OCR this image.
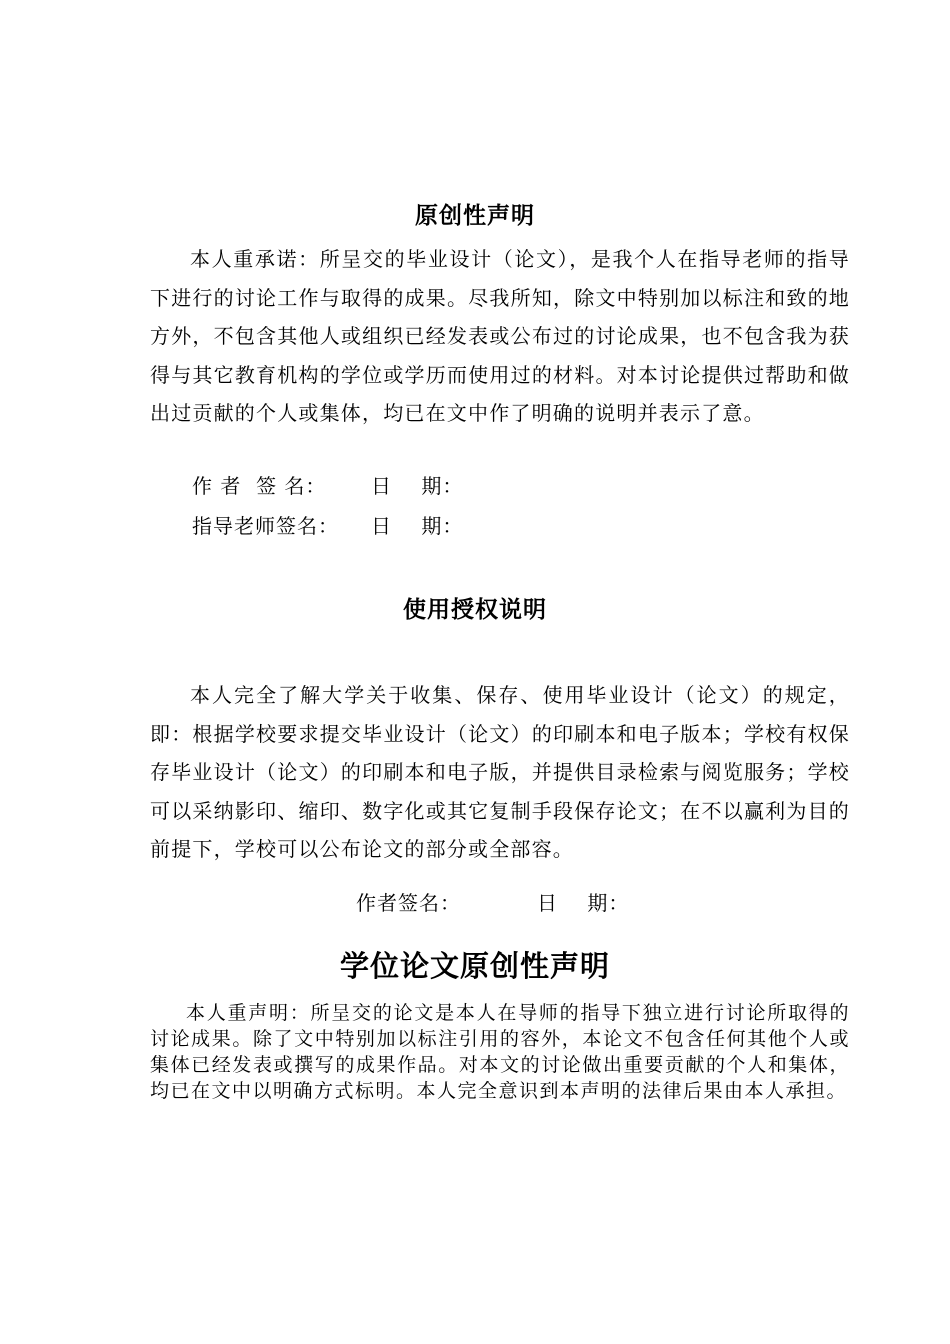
原创性声明

本人重承诺：所呈交的毕业设计（论文），是我个人在指导老师的指导下进行的讨论工作与取得的成果。尽我所知，除文中特别加以标注和致的地方外，不包含其他人或组织已经发表或公布过的讨论成果，也不包含我为获得与其它教育机构的学位或学历而使用过的材料。对本讨论提供过帮助和做出过贡献的个人或集体，均已在文中作了明确的说明并表示了意。

作 者  签 名： 日    期：
指导老师签名： 日    期：
使用授权说明

本人完全了解大学关于收集、保存、使用毕业设计（论文）的规定，即：根据学校要求提交毕业设计（论文）的印刷本和电子版本；学校有权保存毕业设计（论文）的印刷本和电子版，并提供目录检索与阅览服务；学校可以采纳影印、缩印、数字化或其它复制手段保存论文；在不以赢利为目的前提下，学校可以公布论文的部分或全部容。

作者签名：	日    期：
学位论文原创性声明

本人重声明：所呈交的论文是本人在导师的指导下独立进行讨论所取得的讨论成果。除了文中特别加以标注引用的容外，本论文不包含任何其他个人或集体已经发表或撰写的成果作品。对本文的讨论做出重要贡献的个人和集体，均已在文中以明确方式标明。本人完全意识到本声明的法律后果由本人承担。
